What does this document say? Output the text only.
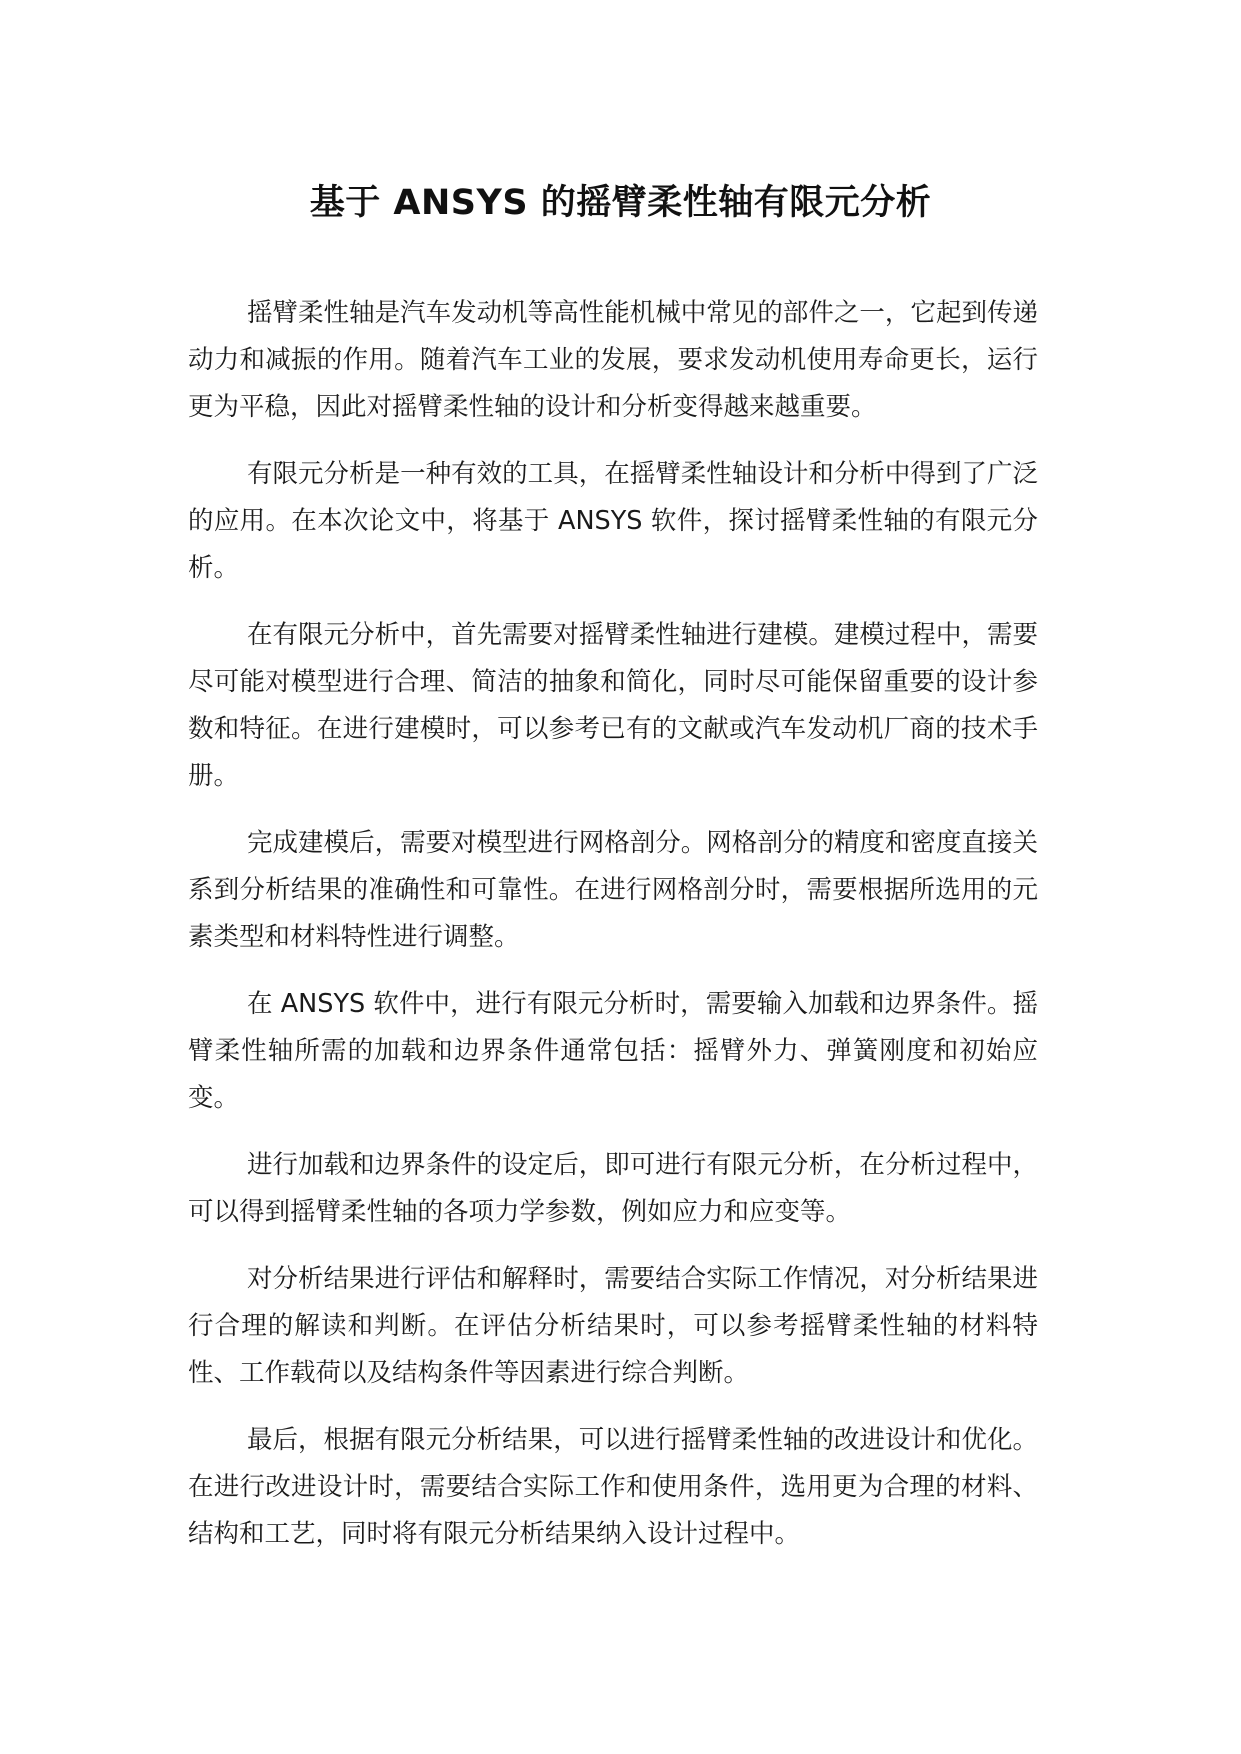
基于 ANSYS 的摇臂柔性轴有限元分析

摇臂柔性轴是汽车发动机等高性能机械中常见的部件之一，它起到传递动力和减振的作用。随着汽车工业的发展，要求发动机使用寿命更长，运行更为平稳，因此对摇臂柔性轴的设计和分析变得越来越重要。

有限元分析是一种有效的工具，在摇臂柔性轴设计和分析中得到了广泛的应用。在本次论文中，将基于 ANSYS 软件，探讨摇臂柔性轴的有限元分析。

在有限元分析中，首先需要对摇臂柔性轴进行建模。建模过程中，需要尽可能对模型进行合理、简洁的抽象和简化，同时尽可能保留重要的设计参数和特征。在进行建模时，可以参考已有的文献或汽车发动机厂商的技术手册。

完成建模后，需要对模型进行网格剖分。网格剖分的精度和密度直接关系到分析结果的准确性和可靠性。在进行网格剖分时，需要根据所选用的元素类型和材料特性进行调整。

在 ANSYS 软件中，进行有限元分析时，需要输入加载和边界条件。摇臂柔性轴所需的加载和边界条件通常包括：摇臂外力、弹簧刚度和初始应变。

进行加载和边界条件的设定后，即可进行有限元分析，在分析过程中，可以得到摇臂柔性轴的各项力学参数，例如应力和应变等。

对分析结果进行评估和解释时，需要结合实际工作情况，对分析结果进行合理的解读和判断。在评估分析结果时，可以参考摇臂柔性轴的材料特性、工作载荷以及结构条件等因素进行综合判断。

最后，根据有限元分析结果，可以进行摇臂柔性轴的改进设计和优化。在进行改进设计时，需要结合实际工作和使用条件，选用更为合理的材料、结构和工艺，同时将有限元分析结果纳入设计过程中。
